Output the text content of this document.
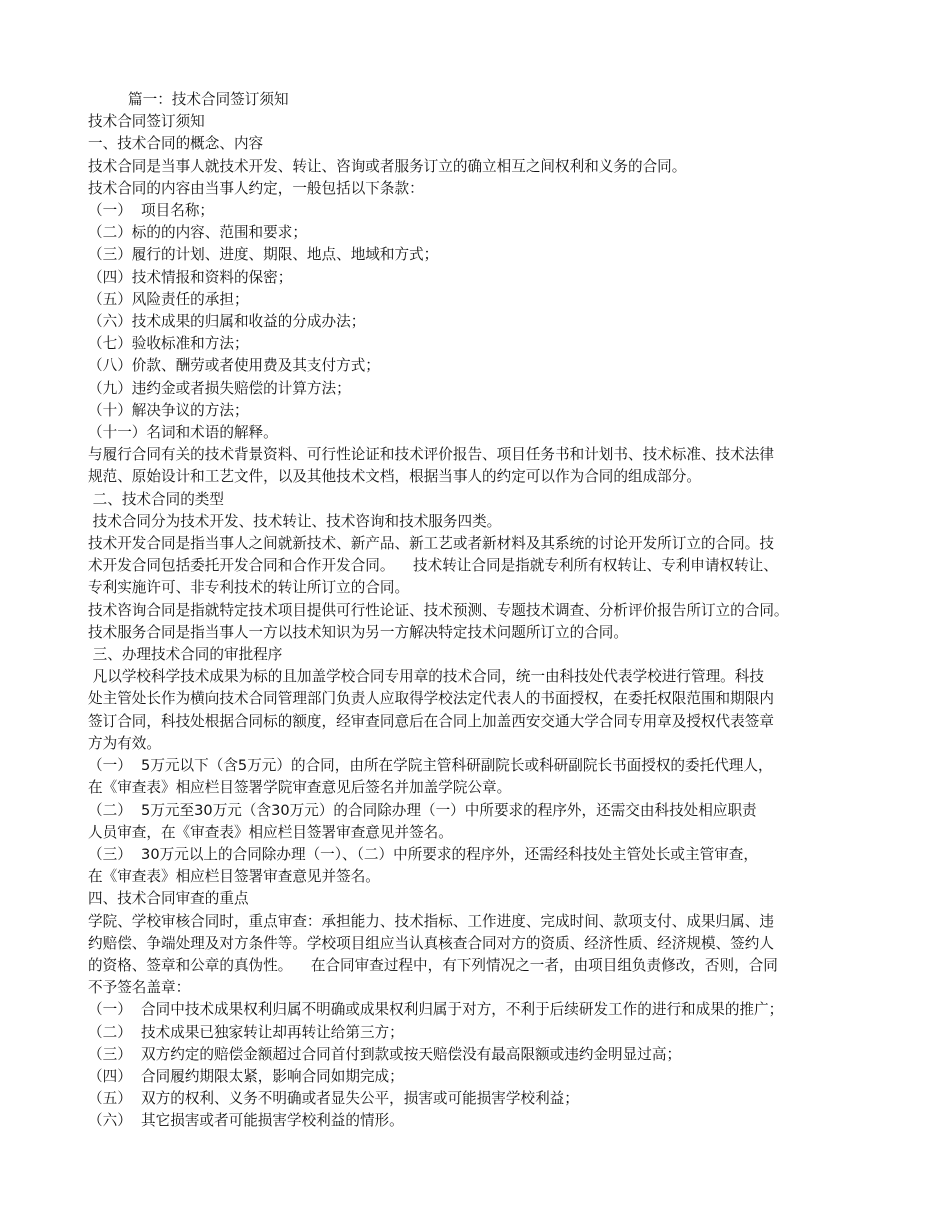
篇一：技术合同签订须知

技术合同签订须知

一、技术合同的概念、内容

技术合同是当事人就技术开发、转让、咨询或者服务订立的确立相互之间权利和义务的合同。

技术合同的内容由当事人约定，一般包括以下条款：

（一）  项目名称；

（二）标的的内容、范围和要求；

（三）履行的计划、进度、期限、地点、地域和方式；

（四）技术情报和资料的保密；

（五）风险责任的承担；

（六）技术成果的归属和收益的分成办法；

（七）验收标准和方法；

（八）价款、酬劳或者使用费及其支付方式；

（九）违约金或者损失赔偿的计算方法；

（十）解决争议的方法；

（十一）名词和术语的解释。

与履行合同有关的技术背景资料、可行性论证和技术评价报告、项目任务书和计划书、技术标准、技术法律

规范、原始设计和工艺文件，以及其他技术文档，根据当事人的约定可以作为合同的组成部分。

二、技术合同的类型

技术合同分为技术开发、技术转让、技术咨询和技术服务四类。

技术开发合同是指当事人之间就新技术、新产品、新工艺或者新材料及其系统的讨论开发所订立的合同。技

术开发合同包括委托开发合同和合作开发合同。    技术转让合同是指就专利所有权转让、专利申请权转让、

专利实施许可、非专利技术的转让所订立的合同。

技术咨询合同是指就特定技术项目提供可行性论证、技术预测、专题技术调查、分析评价报告所订立的合同。

技术服务合同是指当事人一方以技术知识为另一方解决特定技术问题所订立的合同。

三、办理技术合同的审批程序

凡以学校科学技术成果为标的且加盖学校合同专用章的技术合同，统一由科技处代表学校进行管理。科技

处主管处长作为横向技术合同管理部门负责人应取得学校法定代表人的书面授权，在委托权限范围和期限内

签订合同，科技处根据合同标的额度，经审查同意后在合同上加盖西安交通大学合同专用章及授权代表签章

方为有效。

（一）  5万元以下（含5万元）的合同，由所在学院主管科研副院长或科研副院长书面授权的委托代理人，

在《审查表》相应栏目签署学院审查意见后签名并加盖学院公章。

（二）  5万元至30万元（含30万元）的合同除办理（一）中所要求的程序外，还需交由科技处相应职责

人员审查，在《审查表》相应栏目签署审查意见并签名。

（三）  30万元以上的合同除办理（一）、（二）中所要求的程序外，还需经科技处主管处长或主管审查，

在《审查表》相应栏目签署审查意见并签名。

四、技术合同审查的重点

学院、学校审核合同时，重点审查：承担能力、技术指标、工作进度、完成时间、款项支付、成果归属、违

约赔偿、争端处理及对方条件等。学校项目组应当认真核查合同对方的资质、经济性质、经济规模、签约人

的资格、签章和公章的真伪性。    在合同审查过程中，有下列情况之一者，由项目组负责修改，否则，合同

不予签名盖章：

（一）  合同中技术成果权利归属不明确或成果权利归属于对方，不利于后续研发工作的进行和成果的推广；

（二）  技术成果已独家转让却再转让给第三方；

（三）  双方约定的赔偿金额超过合同首付到款或按天赔偿没有最高限额或违约金明显过高；

（四）  合同履约期限太紧，影响合同如期完成；

（五）  双方的权利、义务不明确或者显失公平，损害或可能损害学校利益；

（六）  其它损害或者可能损害学校利益的情形。
